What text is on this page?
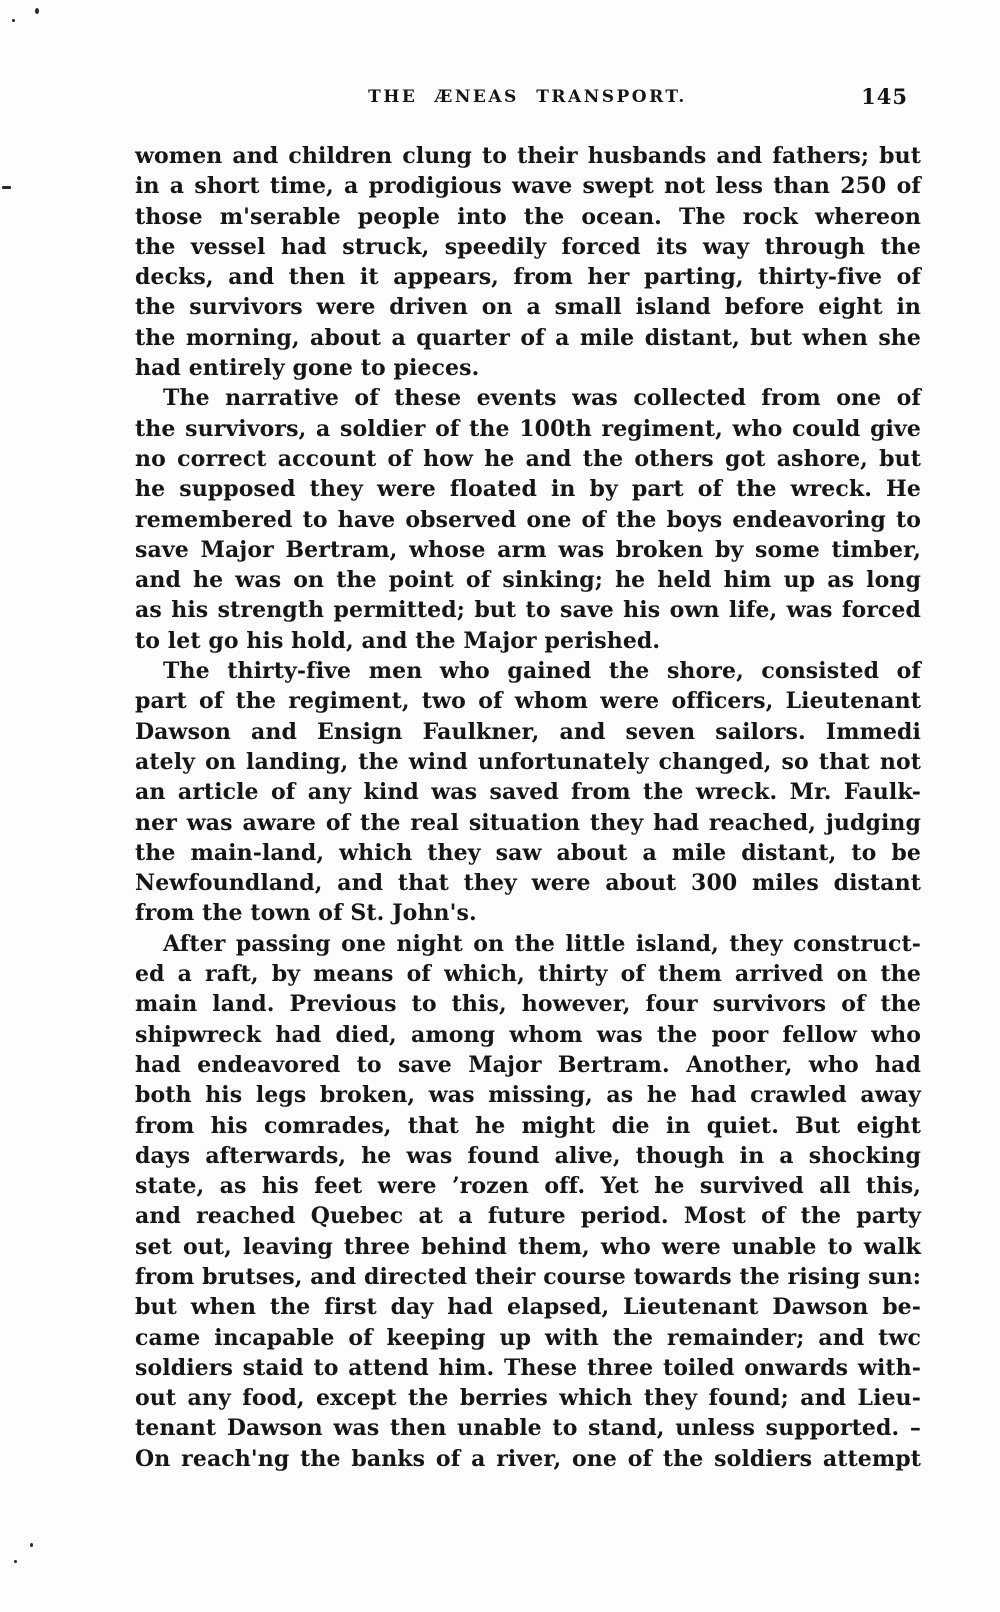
THE ÆNEAS TRANSPORT.	145
women and children clung to their husbands and fathers; but
in a short time, a prodigious wave swept not less than 250 of
those m'serable people into the ocean. The rock whereon
the vessel had struck, speedily forced its way through the
decks, and then it appears, from her parting, thirty-five of
the survivors were driven on a small island before eight in
the morning, about a quarter of a mile distant, but when she
had entirely gone to pieces.
The narrative of these events was collected from one of
the survivors, a soldier of the 100th regiment, who could give
no correct account of how he and the others got ashore, but
he supposed they were floated in by part of the wreck. He
remembered to have observed one of the boys endeavoring to
save Major Bertram, whose arm was broken by some timber,
and he was on the point of sinking; he held him up as long
as his strength permitted; but to save his own life, was forced
to let go his hold, and the Major perished.
The thirty-five men who gained the shore, consisted of
part of the regiment, two of whom were officers, Lieutenant
Dawson and Ensign Faulkner, and seven sailors. Immedi
ately on landing, the wind unfortunately changed, so that not
an article of any kind was saved from the wreck. Mr. Faulk-
ner was aware of the real situation they had reached, judging
the main-land, which they saw about a mile distant, to be
Newfoundland, and that they were about 300 miles distant
from the town of St. John's.
After passing one night on the little island, they construct-
ed a raft, by means of which, thirty of them arrived on the
main land. Previous to this, however, four survivors of the
shipwreck had died, among whom was the poor fellow who
had endeavored to save Major Bertram. Another, who had
both his legs broken, was missing, as he had crawled away
from his comrades, that he might die in quiet. But eight
days afterwards, he was found alive, though in a shocking
state, as his feet were ’rozen off. Yet he survived all this,
and reached Quebec at a future period. Most of the party
set out, leaving three behind them, who were unable to walk
from brutses, and directed their course towards the rising sun:
but when the first day had elapsed, Lieutenant Dawson be-
came incapable of keeping up with the remainder; and twc
soldiers staid to attend him. These three toiled onwards with-
out any food, except the berries which they found; and Lieu-
tenant Dawson was then unable to stand, unless supported. –
On reach'ng the banks of a river, one of the soldiers attempt
